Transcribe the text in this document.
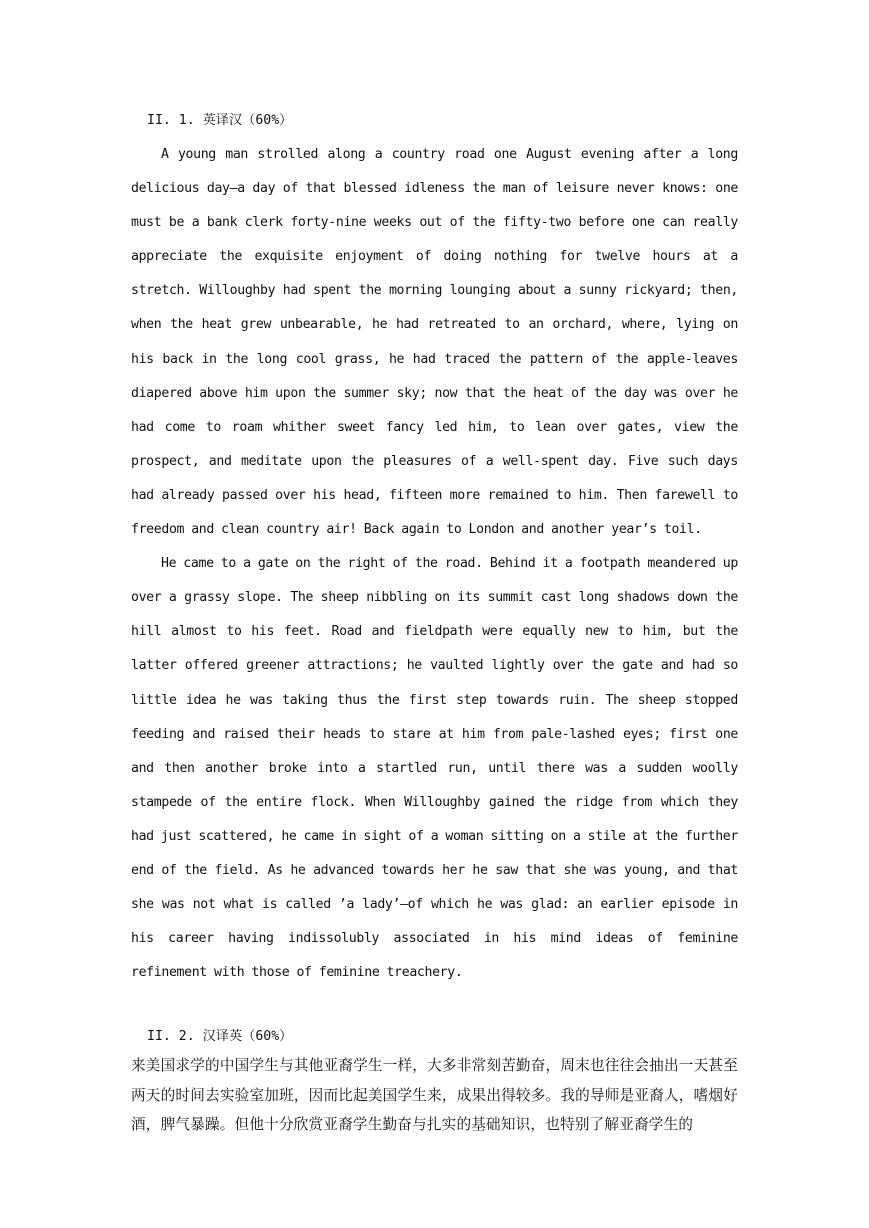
II. 1. 英译汉（60%）

A young man strolled along a country road one August evening after a long delicious day—a day of that blessed idleness the man of leisure never knows: one must be a bank clerk forty-nine weeks out of the fifty-two before one can really appreciate the exquisite enjoyment of doing nothing for twelve hours at a stretch. Willoughby had spent the morning lounging about a sunny rickyard; then, when the heat grew unbearable, he had retreated to an orchard, where, lying on his back in the long cool grass, he had traced the pattern of the apple-leaves diapered above him upon the summer sky; now that the heat of the day was over he had come to roam whither sweet fancy led him, to lean over gates, view the prospect, and meditate upon the pleasures of a well-spent day. Five such days had already passed over his head, fifteen more remained to him. Then farewell to freedom and clean country air! Back again to London and another year’s toil.

He came to a gate on the right of the road. Behind it a footpath meandered up over a grassy slope. The sheep nibbling on its summit cast long shadows down the hill almost to his feet. Road and fieldpath were equally new to him, but the latter offered greener attractions; he vaulted lightly over the gate and had so little idea he was taking thus the first step towards ruin. The sheep stopped feeding and raised their heads to stare at him from pale-lashed eyes; first one and then another broke into a startled run, until there was a sudden woolly stampede of the entire flock. When Willoughby gained the ridge from which they had just scattered, he came in sight of a woman sitting on a stile at the further end of the field. As he advanced towards her he saw that she was young, and that she was not what is called ’a lady’—of which he was glad: an earlier episode in his career having indissolubly associated in his mind ideas of feminine refinement with those of feminine treachery.

II. 2. 汉译英（60%）

来美国求学的中国学生与其他亚裔学生一样，大多非常刻苦勤奋，周末也往往会抽出一天甚至两天的时间去实验室加班，因而比起美国学生来，成果出得较多。我的导师是亚裔人，嗜烟好酒，脾气暴躁。但他十分欣赏亚裔学生勤奋与扎实的基础知识，也特别了解亚裔学生的
